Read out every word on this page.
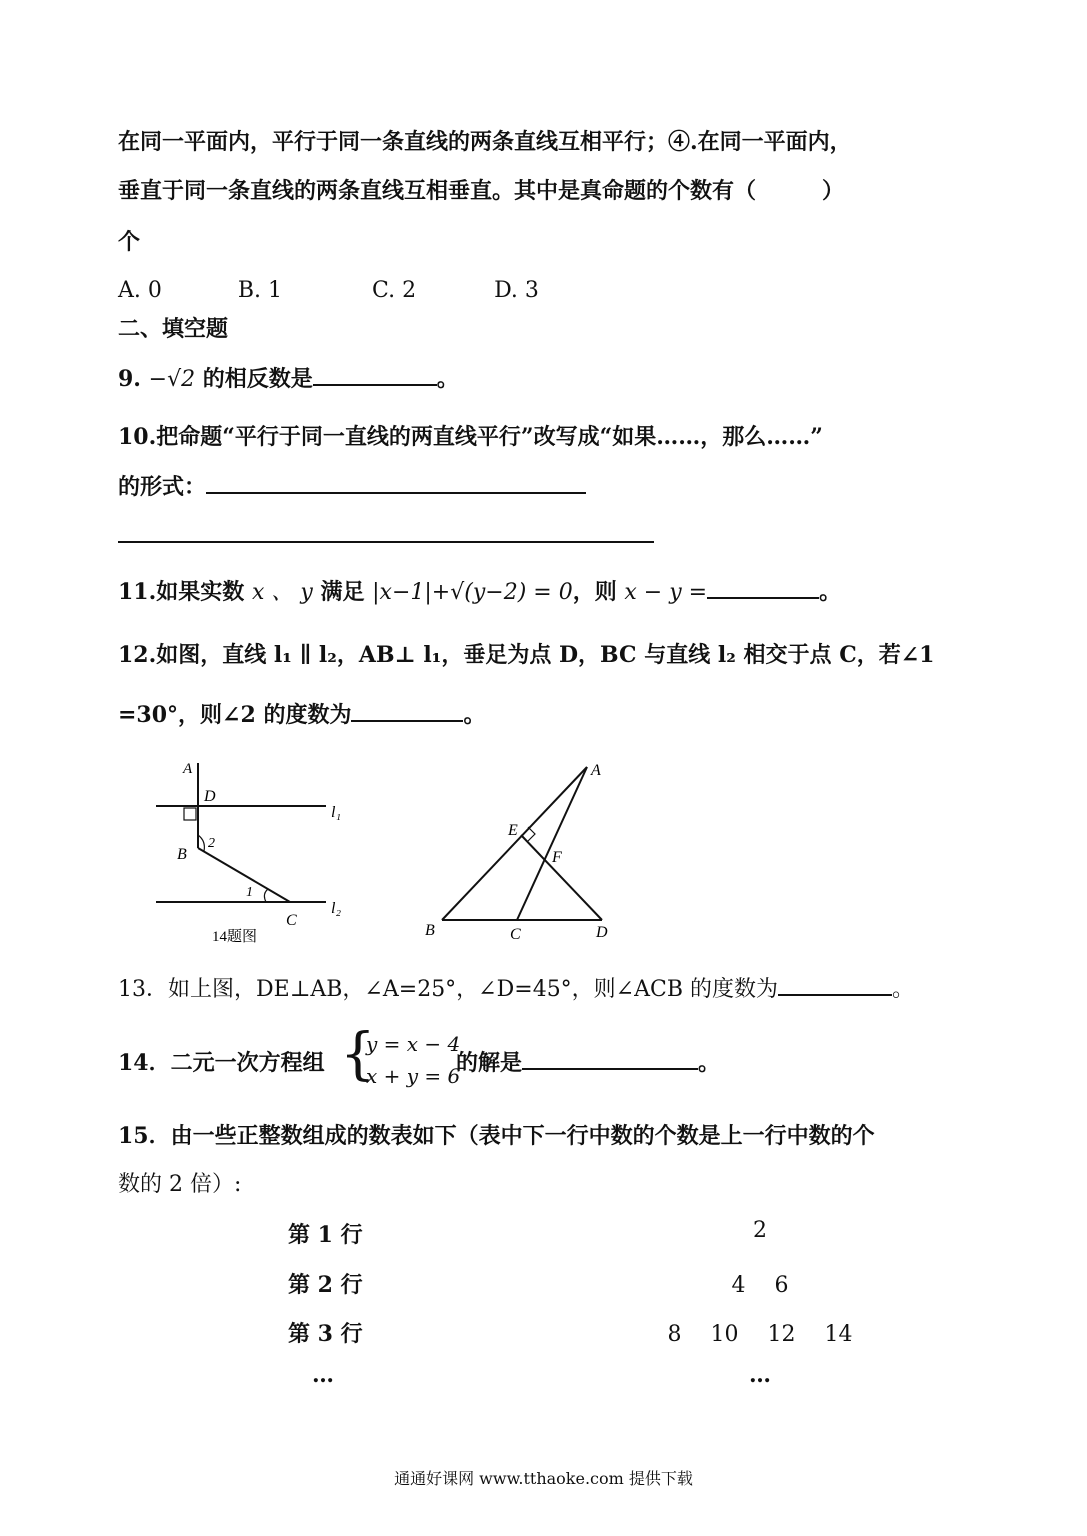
在同一平面内，平行于同一条直线的两条直线互相平行；④.在同一平面内，
垂直于同一条直线的两条直线互相垂直。其中是真命题的个数有（　　　）
个
A. 0	B. 1	C. 2	D. 3
二、填空题
9. −√2 的相反数是	。
10.把命题“平行于同一直线的两直线平行”改写成“如果……，那么……”
的形式：
11.如果实数 x 、 y 满足 |x−1|+√(y−2) = 0，则 x − y =	。
12.如图，直线 l₁ ∥ l₂，AB⊥ l₁，垂足为点 D，BC 与直线 l₂ 相交于点 C，若∠1
=30°，则∠2 的度数为	。
A
D
B
C
l₁
l₂
2
1
14题图
A
E
F
B	C	D
13．如上图，DE⊥AB，∠A=25°，∠D=45°，则∠ACB 的度数为	。
14．二元一次方程组 {
y = x − 4
x + y = 6
的解是	。
15．由一些正整数组成的数表如下（表中下一行中数的个数是上一行中数的个
数的 2 倍）:
第 1 行	2
第 2 行	4 　6
第 3 行	8 　10 　12 　14
…	…
通通好课网 www.tthaoke.com 提供下载
